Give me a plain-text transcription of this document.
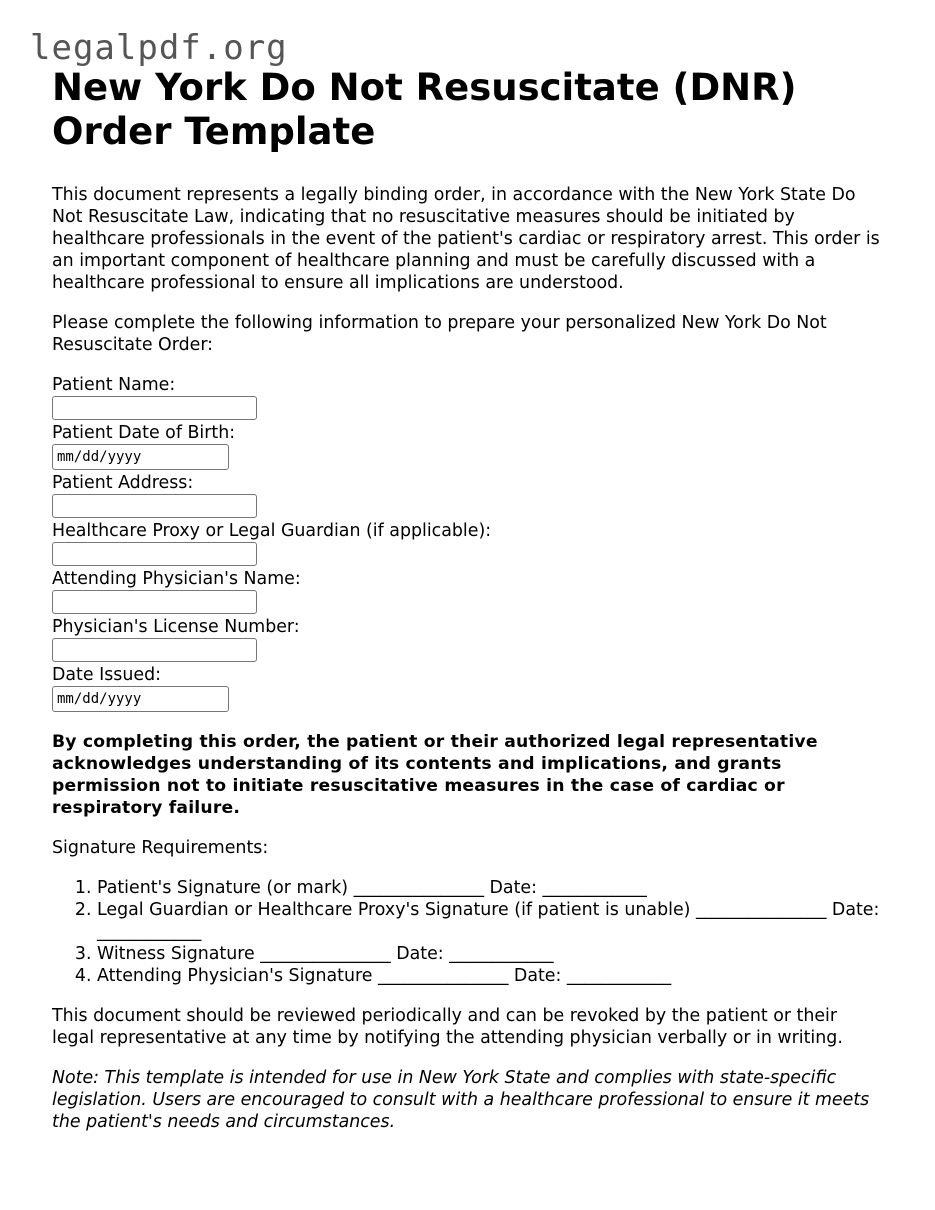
legalpdf.org
New York Do Not Resuscitate (DNR) Order Template

This document represents a legally binding order, in accordance with the New York State Do Not Resuscitate Law, indicating that no resuscitative measures should be initiated by healthcare professionals in the event of the patient's cardiac or respiratory arrest. This order is an important component of healthcare planning and must be carefully discussed with a healthcare professional to ensure all implications are understood.

Please complete the following information to prepare your personalized New York Do Not Resuscitate Order:

Patient Name:
Patient Date of Birth:
mm/dd/yyyy
Patient Address:
Healthcare Proxy or Legal Guardian (if applicable):
Attending Physician's Name:
Physician's License Number:
Date Issued:
mm/dd/yyyy

By completing this order, the patient or their authorized legal representative acknowledges understanding of its contents and implications, and grants permission not to initiate resuscitative measures in the case of cardiac or respiratory failure.

Signature Requirements:

1. Patient's Signature (or mark) _______________ Date: ____________
2. Legal Guardian or Healthcare Proxy's Signature (if patient is unable) _______________ Date: ____________
3. Witness Signature _______________ Date: ____________
4. Attending Physician's Signature _______________ Date: ____________

This document should be reviewed periodically and can be revoked by the patient or their legal representative at any time by notifying the attending physician verbally or in writing.

Note: This template is intended for use in New York State and complies with state-specific legislation. Users are encouraged to consult with a healthcare professional to ensure it meets the patient's needs and circumstances.
